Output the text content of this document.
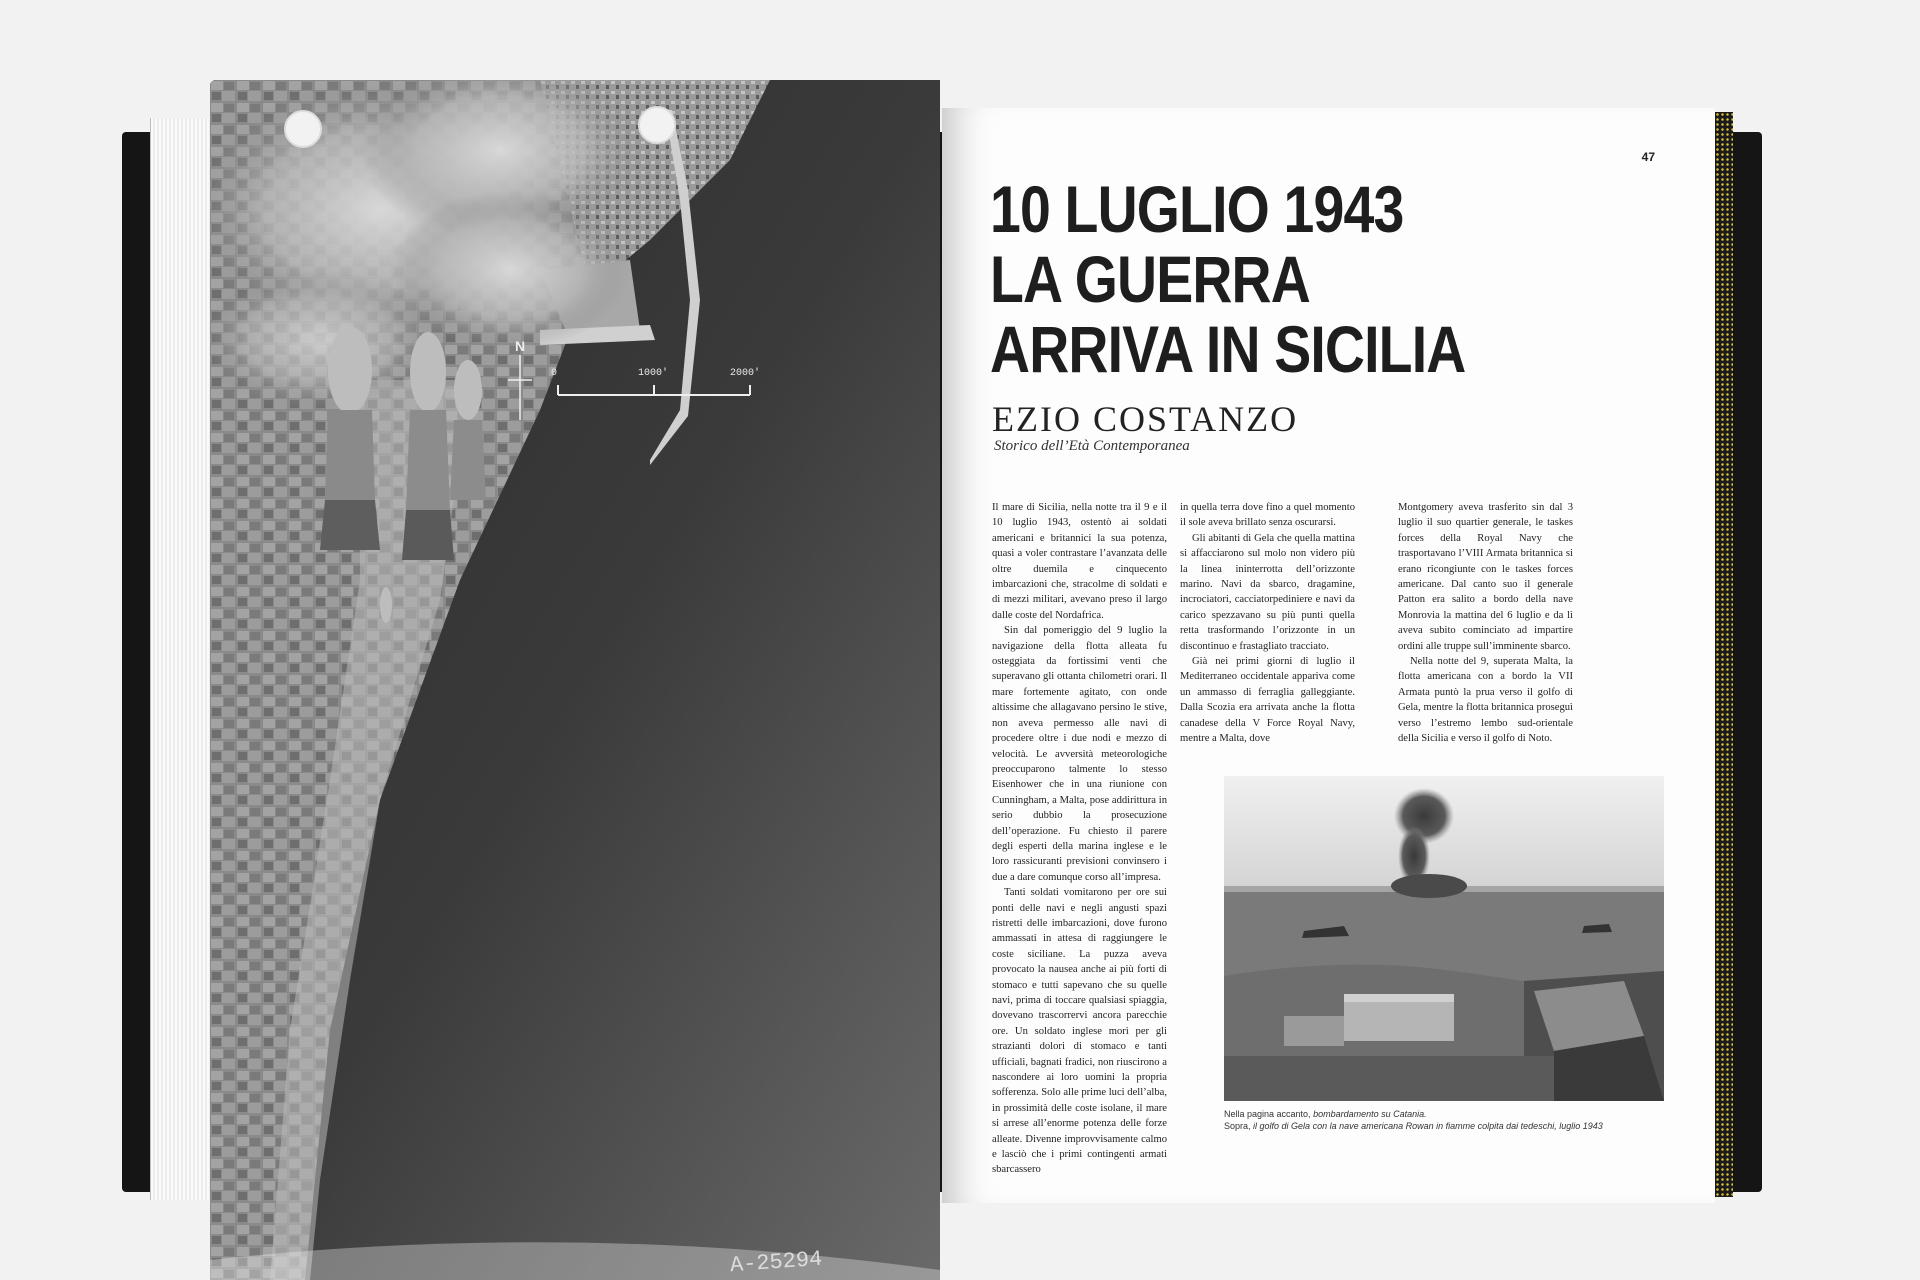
N
0	1000'	2000'
A-25294
47
10 LUGLIO 1943
LA GUERRA
ARRIVA IN SICILIA
EZIO COSTANZO
Storico dell’Età Contemporanea

Il mare di Sicilia, nella notte tra il 9 e il 10 luglio 1943, ostentò ai soldati americani e britannici la sua potenza, quasi a voler contrastare l’avanzata delle oltre duemila e cinquecento imbarcazioni che, stracolme di soldati e di mezzi militari, avevano preso il largo dalle coste del Nordafrica.

Sin dal pomeriggio del 9 luglio la navigazione della flotta alleata fu osteggiata da fortissimi venti che superavano gli ottanta chilometri orari. Il mare fortemente agitato, con onde altissime che allagavano persino le stive, non aveva permesso alle navi di procedere oltre i due nodi e mezzo di velocità. Le avversità meteorologiche preoccuparono talmente lo stesso Eisenhower che in una riunione con Cunningham, a Malta, pose addirittura in serio dubbio la prosecuzione dell’operazione. Fu chiesto il parere degli esperti della marina inglese e le loro rassicuranti previsioni convinsero i due a dare comunque corso all’impresa.

Tanti soldati vomitarono per ore sui ponti delle navi e negli angusti spazi ristretti delle imbarcazioni, dove furono ammassati in attesa di raggiungere le coste siciliane. La puzza aveva provocato la nausea anche ai più forti di stomaco e tutti sapevano che su quelle navi, prima di toccare qualsiasi spiaggia, dovevano trascorrervi ancora parecchie ore. Un soldato inglese morì per gli strazianti dolori di stomaco e tanti ufficiali, bagnati fradici, non riuscirono a nascondere ai loro uomini la propria sofferenza. Solo alle prime luci dell’alba, in prossimità delle coste isolane, il mare si arrese all’enorme potenza delle forze alleate. Divenne improvvisamente calmo e lasciò che i primi contingenti armati sbarcassero

in quella terra dove fino a quel momento il sole aveva brillato senza oscurarsi.

Gli abitanti di Gela che quella mattina si affacciarono sul molo non videro più la linea ininterrotta dell’orizzonte marino. Navi da sbarco, dragamine, incrociatori, cacciatorpediniere e navi da carico spezzavano su più punti quella retta trasformando l’orizzonte in un discontinuo e frastagliato tracciato.

Già nei primi giorni di luglio il Mediterraneo occidentale appariva come un ammasso di ferraglia galleggiante. Dalla Scozia era arrivata anche la flotta canadese della V Force Royal Navy, mentre a Malta, dove

Montgomery aveva trasferito sin dal 3 luglio il suo quartier generale, le taskes forces della Royal Navy che trasportavano l’VIII Armata britannica si erano ricongiunte con le taskes forces americane. Dal canto suo il generale Patton era salito a bordo della nave Monrovia la mattina del 6 luglio e da lì aveva subito cominciato ad impartire ordini alle truppe sull’imminente sbarco.

Nella notte del 9, superata Malta, la flotta americana con a bordo la VII Armata puntò la prua verso il golfo di Gela, mentre la flotta britannica proseguì verso l’estremo lembo sud-orientale della Sicilia e verso il golfo di Noto.

Nella pagina accanto, bombardamento su Catania.
Sopra, il golfo di Gela con la nave americana Rowan in fiamme colpita dai tedeschi, luglio 1943
